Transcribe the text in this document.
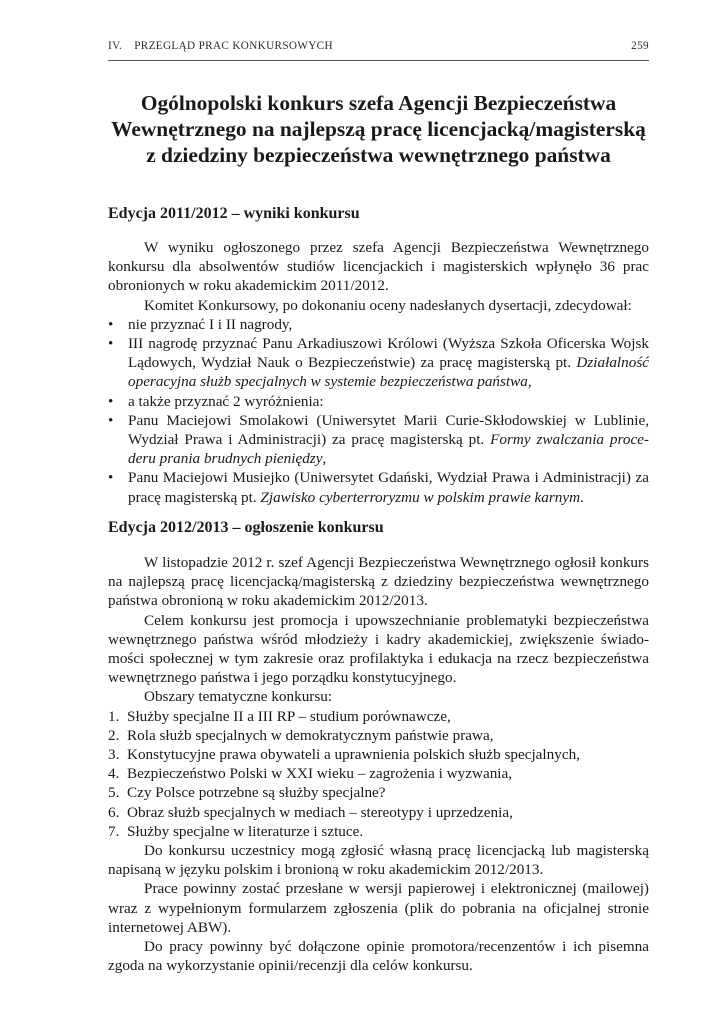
IV. PRZEGLĄD PRAC KONKURSOWYCH	259
Ogólnopolski konkurs szefa Agencji Bezpieczeństwa
Wewnętrznego na najlepszą pracę licencjacką/magisterską
z dziedziny bezpieczeństwa wewnętrznego państwa
Edycja 2011/2012 – wyniki konkursu

W wyniku ogłoszonego przez szefa Agencji Bezpieczeństwa Wewnętrznego
konkursu dla absolwentów studiów licencjackich i magisterskich wpłynęło 36 prac
obronionych w roku akademickim 2011/2012.

Komitet Konkursowy, po dokonaniu oceny nadesłanych dysertacji, zdecydował:

• nie przyznać I i II nagrody,
• III nagrodę przyznać Panu Arkadiuszowi Królowi (Wyższa Szkoła Oficerska Wojsk
Lądowych, Wydział Nauk o Bezpieczeństwie) za pracę magisterską pt. Działalność
operacyjna służb specjalnych w systemie bezpieczeństwa państwa,
• a także przyznać 2 wyróżnienia:
• Panu Maciejowi Smolakowi (Uniwersytet Marii Curie-Skłodowskiej w Lublinie,
Wydział Prawa i Administracji) za pracę magisterską pt. Formy zwalczania proce-
deru prania brudnych pieniędzy,
• Panu Maciejowi Musiejko (Uniwersytet Gdański, Wydział Prawa i Administracji) za
pracę magisterską pt. Zjawisko cyberterroryzmu w polskim prawie karnym.
Edycja 2012/2013 – ogłoszenie konkursu

W listopadzie 2012 r. szef Agencji Bezpieczeństwa Wewnętrznego ogłosił konkurs
na najlepszą pracę licencjacką/magisterską z dziedziny bezpieczeństwa wewnętrznego
państwa obronioną w roku akademickim 2012/2013.

Celem konkursu jest promocja i upowszechnianie problematyki bezpieczeństwa
wewnętrznego państwa wśród młodzieży i kadry akademickiej, zwiększenie świado-
mości społecznej w tym zakresie oraz profilaktyka i edukacja na rzecz bezpieczeństwa
wewnętrznego państwa i jego porządku konstytucyjnego.

Obszary tematyczne konkursu:

1. Służby specjalne II a III RP – studium porównawcze,
2. Rola służb specjalnych w demokratycznym państwie prawa,
3. Konstytucyjne prawa obywateli a uprawnienia polskich służb specjalnych,
4. Bezpieczeństwo Polski w XXI wieku – zagrożenia i wyzwania,
5. Czy Polsce potrzebne są służby specjalne?
6. Obraz służb specjalnych w mediach – stereotypy i uprzedzenia,
7. Służby specjalne w literaturze i sztuce.

Do konkursu uczestnicy mogą zgłosić własną pracę licencjacką lub magisterską
napisaną w języku polskim i bronioną w roku akademickim 2012/2013.

Prace powinny zostać przesłane w wersji papierowej i elektronicznej (mailowej)
wraz z wypełnionym formularzem zgłoszenia (plik do pobrania na oficjalnej stronie
internetowej ABW).

Do pracy powinny być dołączone opinie promotora/recenzentów i ich pisemna
zgoda na wykorzystanie opinii/recenzji dla celów konkursu.
